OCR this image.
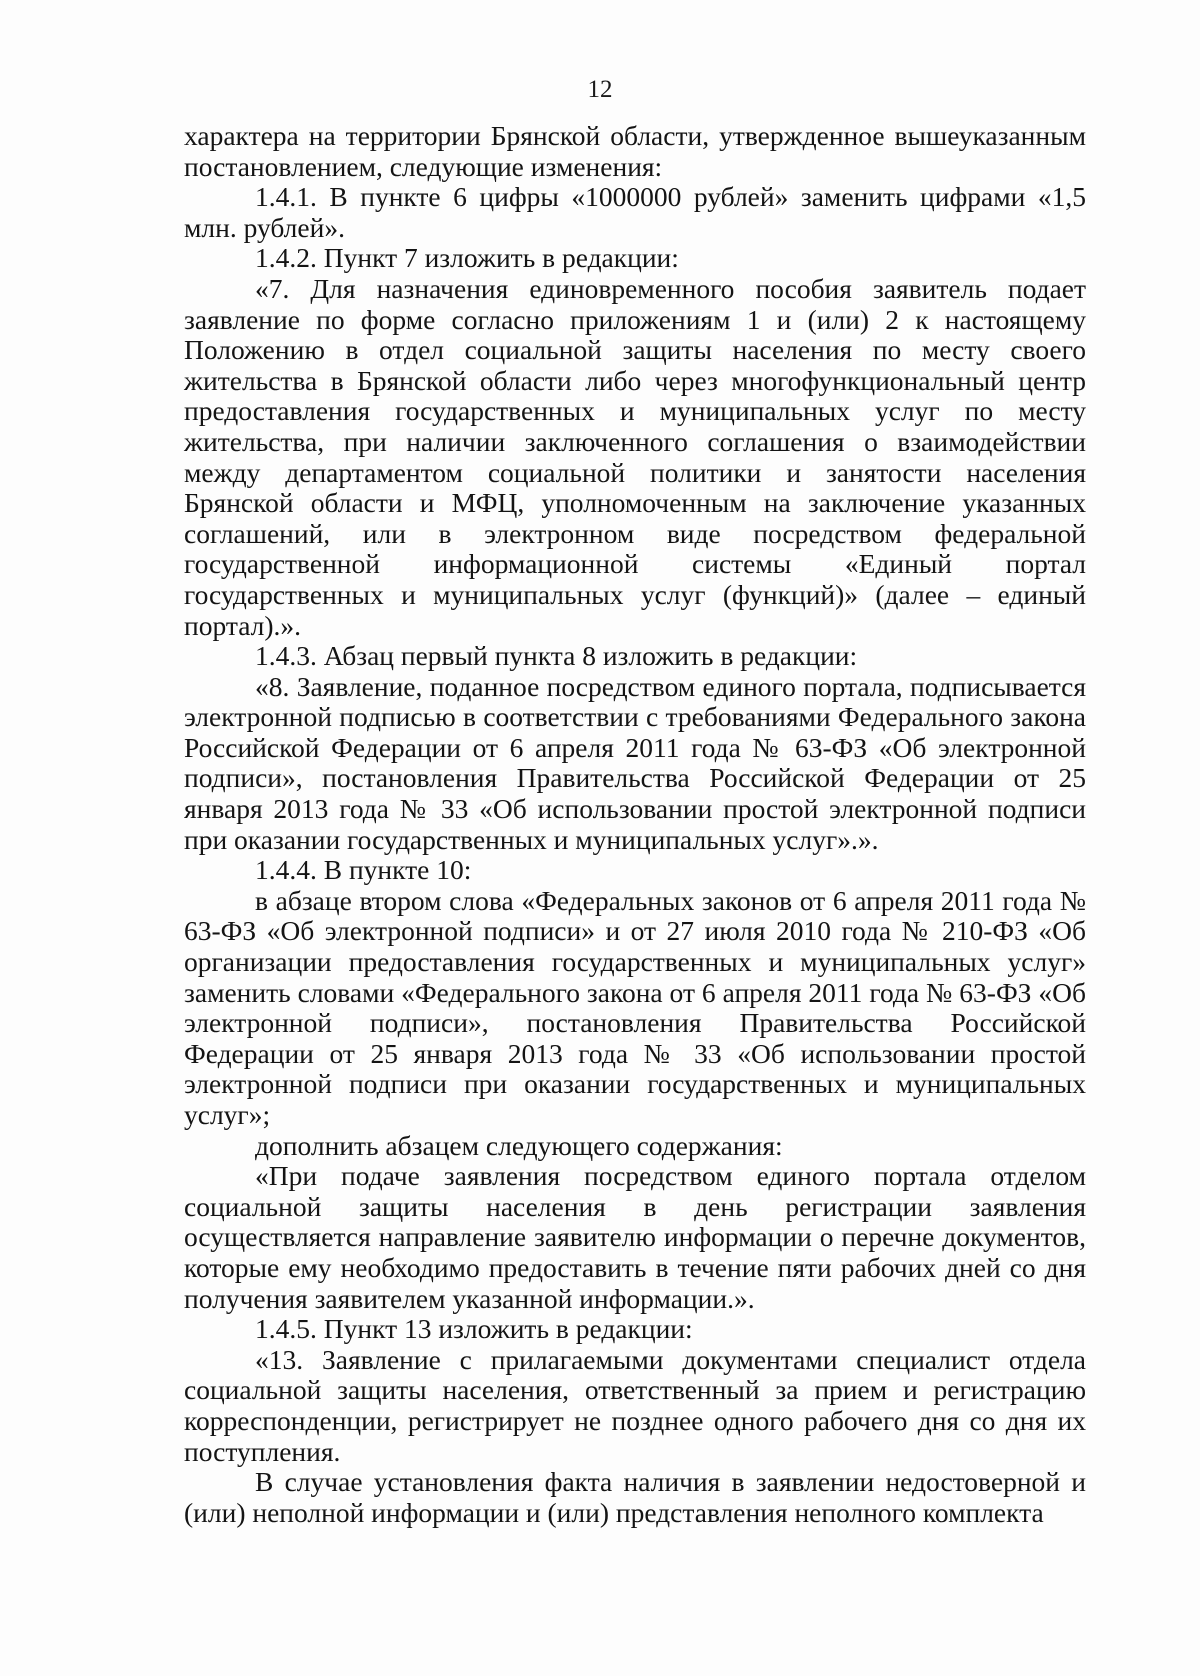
12

характера на территории Брянской области, утвержденное вышеуказанным постановлением, следующие изменения:

1.4.1. В пункте 6 цифры «1000000 рублей» заменить цифрами «1,5 млн. рублей».

1.4.2. Пункт 7 изложить в редакции:

«7. Для назначения единовременного пособия заявитель подает заявление по форме согласно приложениям 1 и (или) 2 к настоящему Положению в отдел социальной защиты населения по месту своего жительства в Брянской области либо через многофункциональный центр предоставления государственных и муниципальных услуг по месту жительства, при наличии заключенного соглашения о взаимодействии между департаментом социальной политики и занятости населения Брянской области и МФЦ, уполномоченным на заключение указанных соглашений, или в электронном виде посредством федеральной государственной информационной системы «Единый портал государственных и муниципальных услуг (функций)» (далее – единый портал).».

1.4.3. Абзац первый пункта 8 изложить в редакции:

«8. Заявление, поданное посредством единого портала, подписывается электронной подписью в соответствии с требованиями Федерального закона Российской Федерации от 6 апреля 2011 года № 63-ФЗ «Об электронной подписи», постановления Правительства Российской Федерации от 25 января 2013 года № 33 «Об использовании простой электронной подписи при оказании государственных и муниципальных услуг».».

1.4.4. В пункте 10:

в абзаце втором слова «Федеральных законов от 6 апреля 2011 года № 63-ФЗ «Об электронной подписи» и от 27 июля 2010 года № 210-ФЗ «Об организации предоставления государственных и муниципальных услуг» заменить словами «Федерального закона от 6 апреля 2011 года № 63-ФЗ «Об электронной подписи», постановления Правительства Российской Федерации от 25 января 2013 года № 33 «Об использовании простой электронной подписи при оказании государственных и муниципальных услуг»;

дополнить абзацем следующего содержания:

«При подаче заявления посредством единого портала отделом социальной защиты населения в день регистрации заявления осуществляется направление заявителю информации о перечне документов, которые ему необходимо предоставить в течение пяти рабочих дней со дня получения заявителем указанной информации.».

1.4.5. Пункт 13 изложить в редакции:

«13. Заявление с прилагаемыми документами специалист отдела социальной защиты населения, ответственный за прием и регистрацию корреспонденции, регистрирует не позднее одного рабочего дня со дня их поступления.

В случае установления факта наличия в заявлении недостоверной и (или) неполной информации и (или) представления неполного комплекта
